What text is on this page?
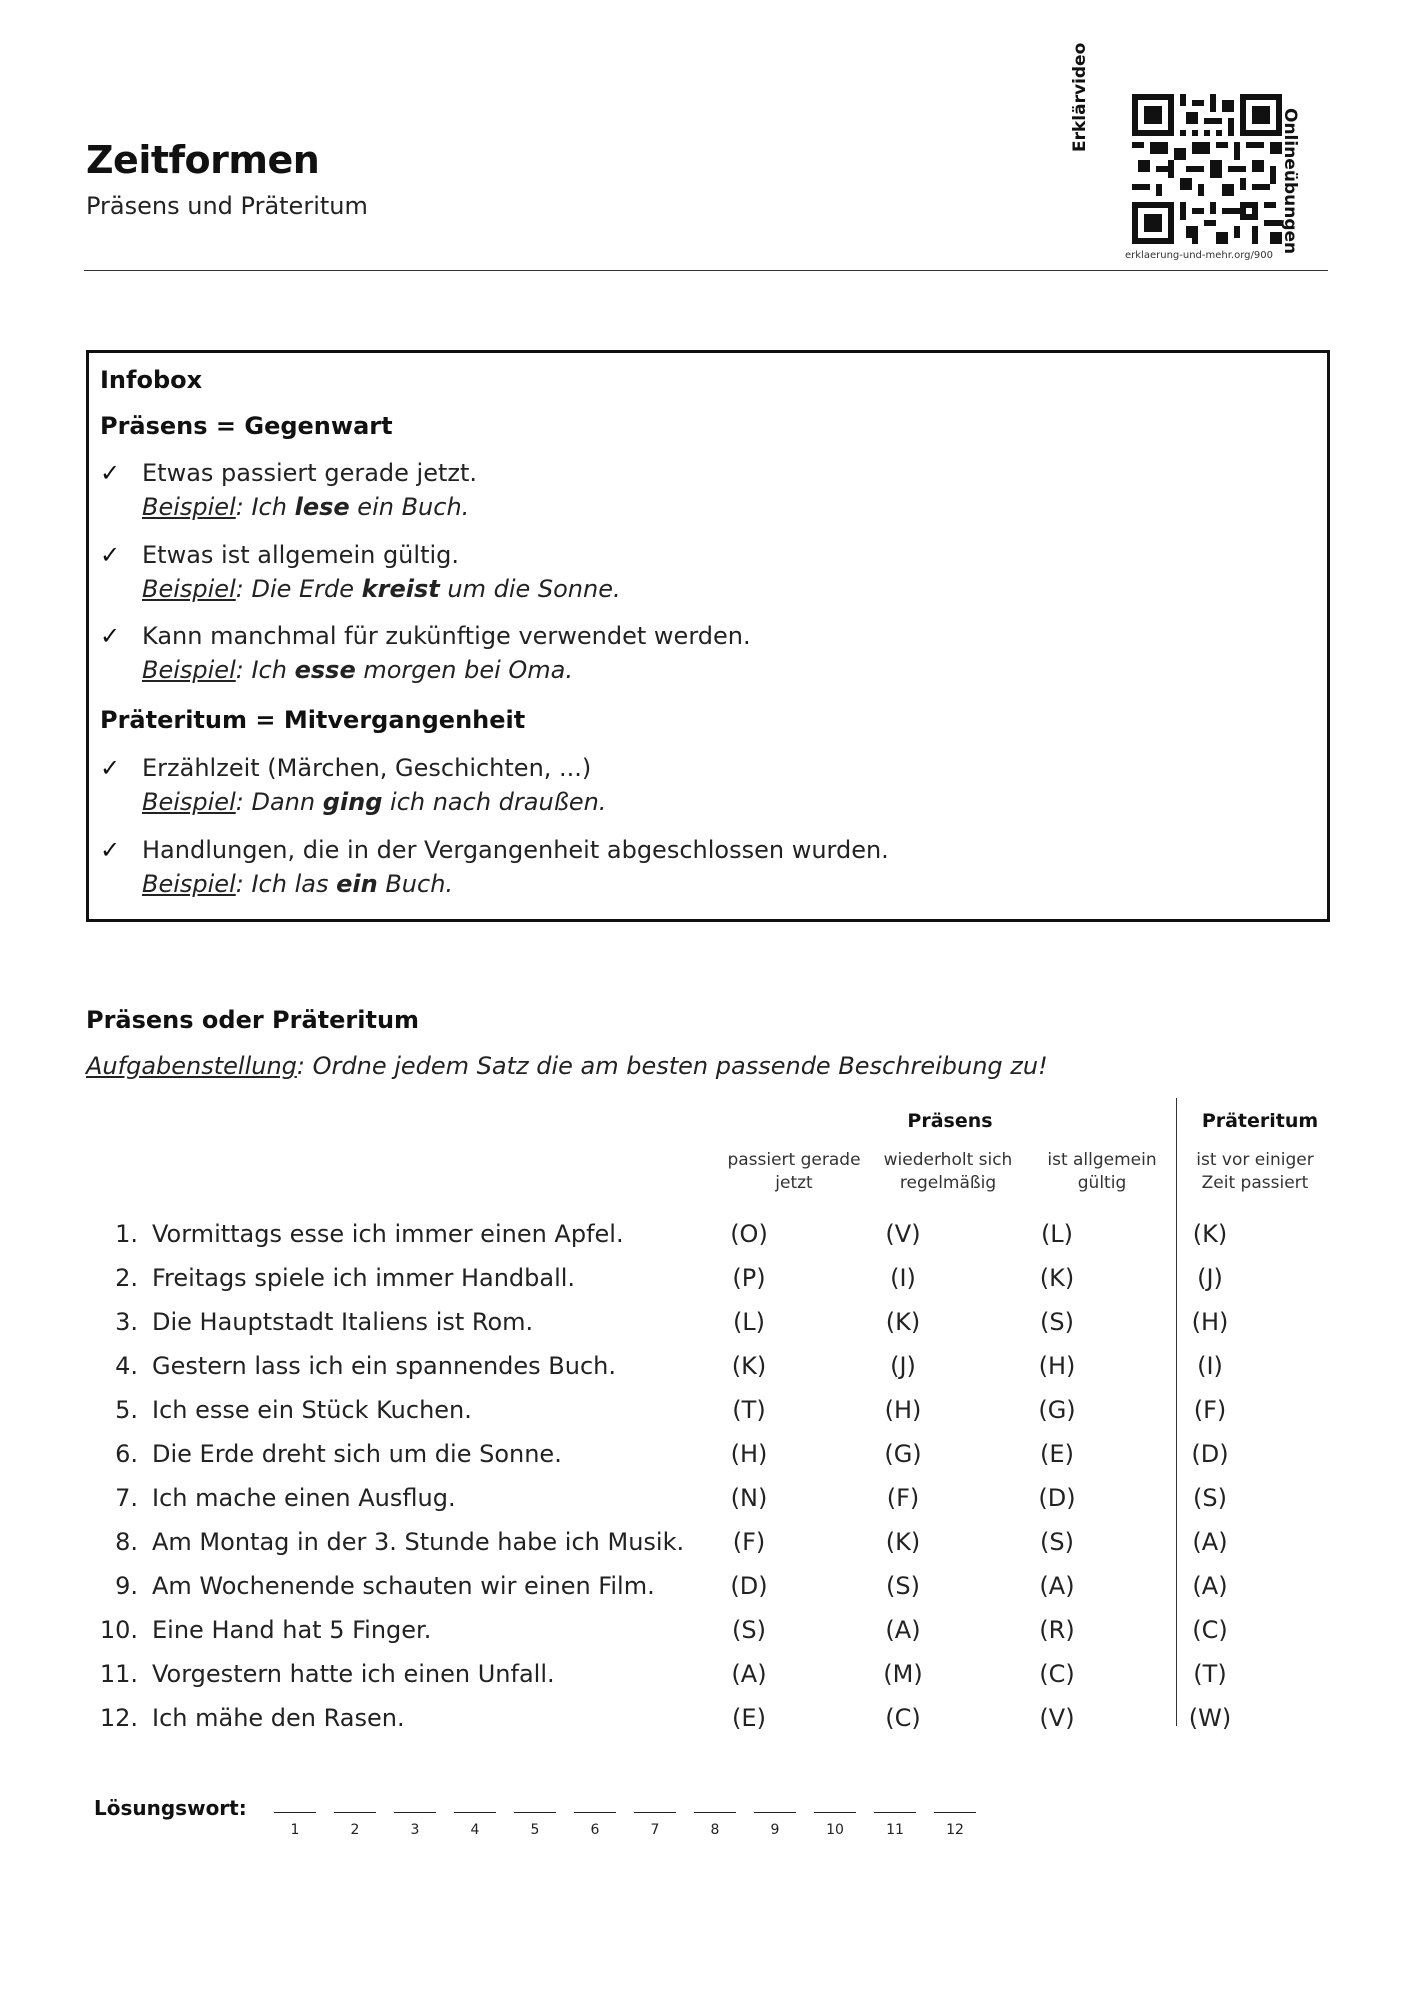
Zeitformen
Präsens und Präteritum
Erklärvideo
Onlineübungen
erklaerung-und-mehr.org/900
Infobox
Präsens = Gegenwart
✓ Etwas passiert gerade jetzt.
Beispiel: Ich lese ein Buch.
✓ Etwas ist allgemein gültig.
Beispiel: Die Erde kreist um die Sonne.
✓ Kann manchmal für zukünftige verwendet werden.
Beispiel: Ich esse morgen bei Oma.
Präteritum = Mitvergangenheit
✓ Erzählzeit (Märchen, Geschichten, ...)
Beispiel: Dann ging ich nach draußen.
✓ Handlungen, die in der Vergangenheit abgeschlossen wurden.
Beispiel: Ich las ein Buch.
Präsens oder Präteritum
Aufgabenstellung: Ordne jedem Satz die am besten passende Beschreibung zu!
Präsens	Präteritum
passiert gerade
jetzt
wiederholt sich
regelmäßig
ist allgemein
gültig
ist vor einiger
Zeit passiert
1. Vormittags esse ich immer einen Apfel.	(O)	(V)	(L)	(K)
2. Freitags spiele ich immer Handball.	(P)	(I)	(K)	(J)
3. Die Hauptstadt Italiens ist Rom.	(L)	(K)	(S)	(H)
4. Gestern lass ich ein spannendes Buch.	(K)	(J)	(H)	(I)
5. Ich esse ein Stück Kuchen.	(T)	(H)	(G)	(F)
6. Die Erde dreht sich um die Sonne.	(H)	(G)	(E)	(D)
7. Ich mache einen Ausflug.	(N)	(F)	(D)	(S)
8. Am Montag in der 3. Stunde habe ich Musik.	(F)	(K)	(S)	(A)
9. Am Wochenende schauten wir einen Film.	(D)	(S)	(A)	(A)
10. Eine Hand hat 5 Finger.	(S)	(A)	(R)	(C)
11. Vorgestern hatte ich einen Unfall.	(A)	(M)	(C)	(T)
12. Ich mähe den Rasen.	(E)	(C)	(V)	(W)
Lösungswort:
1	2	3	4	5	6	7	8	9	10	11	12
